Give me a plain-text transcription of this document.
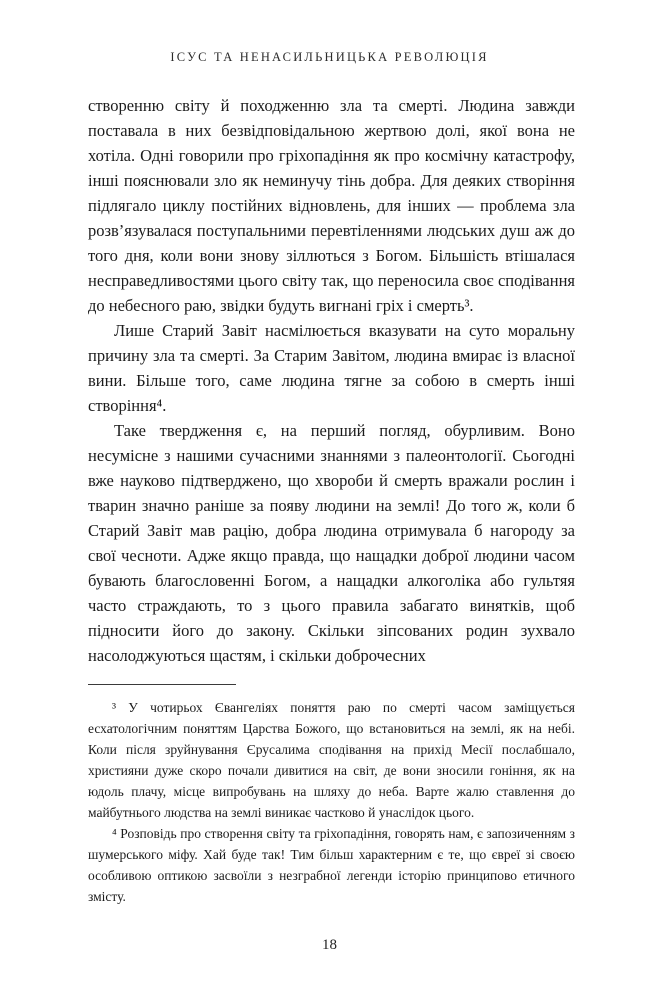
ІСУС ТА НЕНАСИЛЬНИЦЬКА РЕВОЛЮЦІЯ

створенню світу й походженню зла та смерті. Людина завжди поставала в них безвідповідальною жертвою долі, якої вона не хотіла. Одні говорили про гріхопадіння як про космічну катастрофу, інші пояснювали зло як неминучу тінь добра. Для деяких створіння підлягало циклу постійних відновлень, для інших — проблема зла розв’язувалася поступальними перевтіленнями людських душ аж до того дня, коли вони знову зіллються з Богом. Більшість втішалася несправедливостями цього світу так, що переносила своє сподівання до небесного раю, звідки будуть вигнані гріх і смерть³.

Лише Старий Завіт насмілюється вказувати на суто моральну причину зла та смерті. За Старим Завітом, людина вмирає із власної вини. Більше того, саме людина тягне за собою в смерть інші створіння⁴.

Таке твердження є, на перший погляд, обурливим. Воно несумісне з нашими сучасними знаннями з палеонтології. Сьогодні вже науково підтверджено, що хвороби й смерть вражали рослин і тварин значно раніше за появу людини на землі! До того ж, коли б Старий Завіт мав рацію, добра людина отримувала б нагороду за свої чесноти. Адже якщо правда, що нащадки доброї людини часом бувають благословенні Богом, а нащадки алкоголіка або гультяя часто страждають, то з цього правила забагато винятків, щоб підносити його до закону. Скільки зіпсованих родин зухвало насолоджуються щастям, і скільки доброчесних

³ У чотирьох Євангеліях поняття раю по смерті часом заміщується есхатологічним поняттям Царства Божого, що встановиться на землі, як на небі. Коли після зруйнування Єрусалима сподівання на прихід Месії послабшало, християни дуже скоро почали дивитися на світ, де вони зносили гоніння, як на юдоль плачу, місце випробувань на шляху до неба. Варте жалю ставлення до майбутнього людства на землі виникає частково й унаслідок цього.

⁴ Розповідь про створення світу та гріхопадіння, говорять нам, є запозиченням з шумерського міфу. Хай буде так! Тим більш характерним є те, що євреї зі своєю особливою оптикою засвоїли з незграбної легенди історію принципово етичного змісту.

18
